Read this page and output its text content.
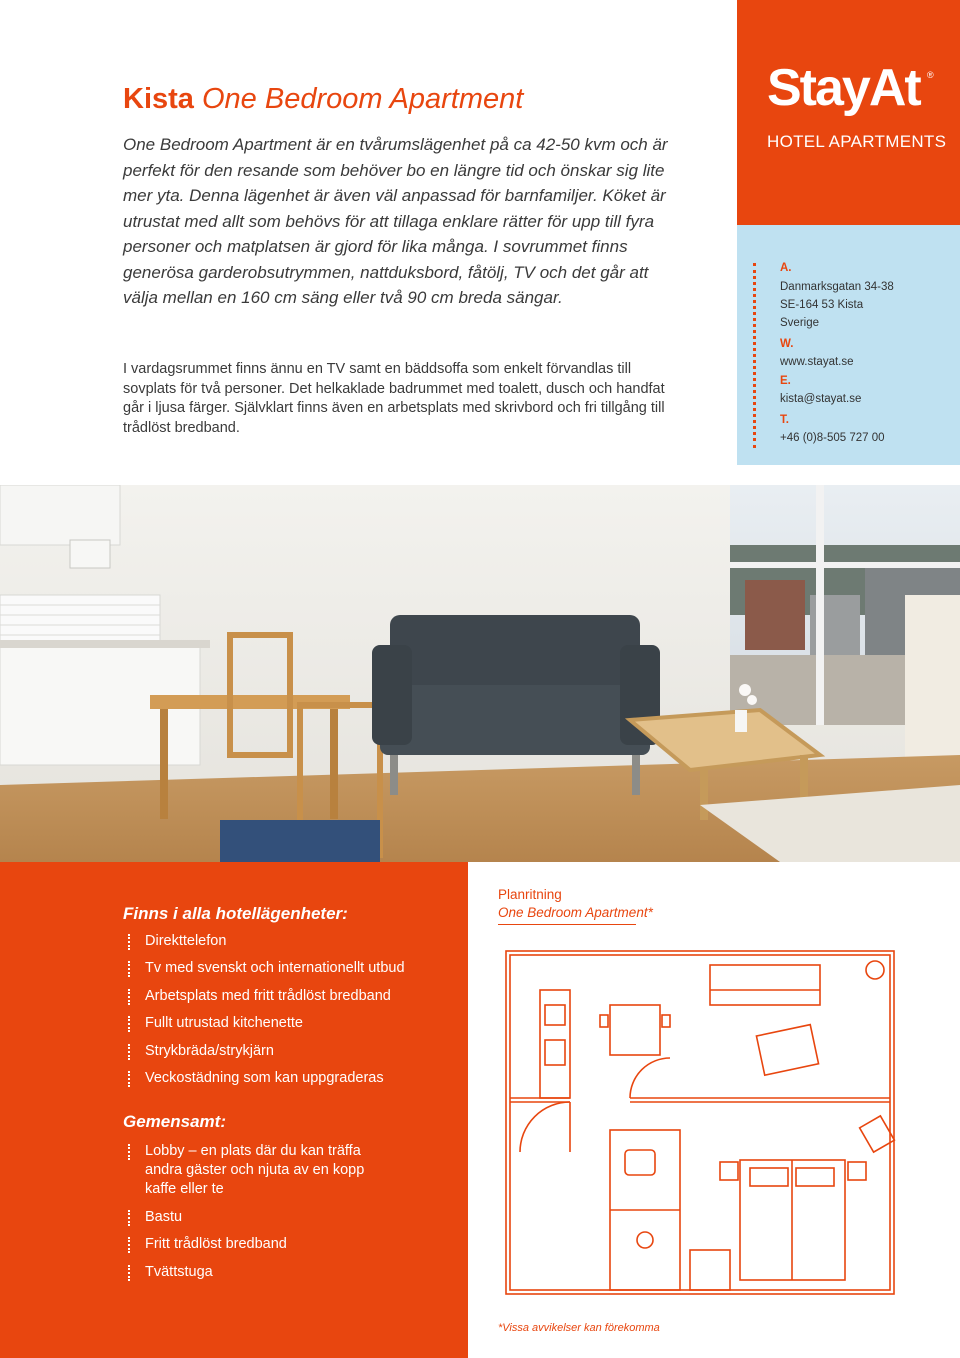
Kista One Bedroom Apartment

One Bedroom Apartment är en tvårumslägenhet på ca 42-50 kvm och är perfekt för den resande som behöver bo en längre tid och önskar sig lite mer yta. Denna lägenhet är även väl anpassad för barnfamiljer. Köket är utrustat med allt som behövs för att tillaga enklare rätter för upp till fyra personer och matplatsen är gjord för lika många. I sovrummet finns generösa garderobsutrymmen, nattduksbord, fåtölj, TV och det går att välja mellan en 160 cm säng eller två 90 cm breda sängar.

I vardagsrummet finns ännu en TV samt en bäddsoffa som enkelt förvandlas till sovplats för två personer. Det helkaklade badrummet med toalett, dusch och handfat går i ljusa färger. Självklart finns även en arbetsplats med skrivbord och fri tillgång till trådlöst bredband.

StayAt ®
HOTEL APARTMENTS
A.
Danmarksgatan 34-38
SE-164 53 Kista
Sverige
W.
www.stayat.se
E.
kista@stayat.se
T.
+46 (0)8-505 727 00
Finns i alla hotellägenheter:
Direkttelefon
Tv med svenskt och internationellt utbud
Arbetsplats med fritt trådlöst bredband
Fullt utrustad kitchenette
Strykbräda/strykjärn
Veckostädning som kan uppgraderas
Gemensamt:
Lobby – en plats där du kan träffa
andra gäster och njuta av en kopp
kaffe eller te
Bastu
Fritt trådlöst bredband
Tvättstuga
Planritning
One Bedroom Apartment*
*Vissa avvikelser kan förekomma
